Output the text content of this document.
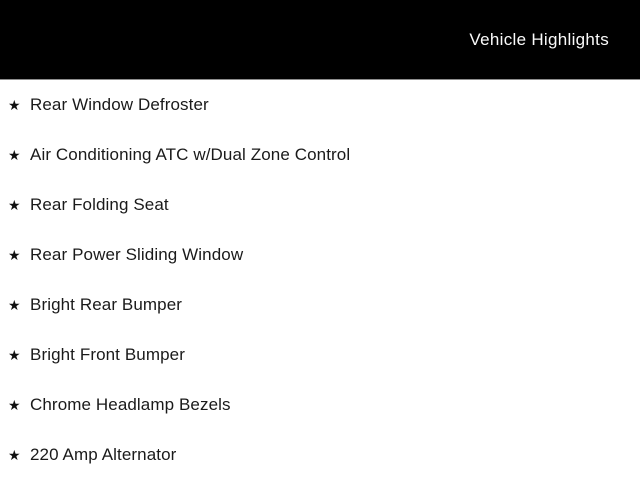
Vehicle Highlights
★ Rear Window Defroster
★ Air Conditioning ATC w/Dual Zone Control
★ Rear Folding Seat
★ Rear Power Sliding Window
★ Bright Rear Bumper
★ Bright Front Bumper
★ Chrome Headlamp Bezels
★ 220 Amp Alternator
